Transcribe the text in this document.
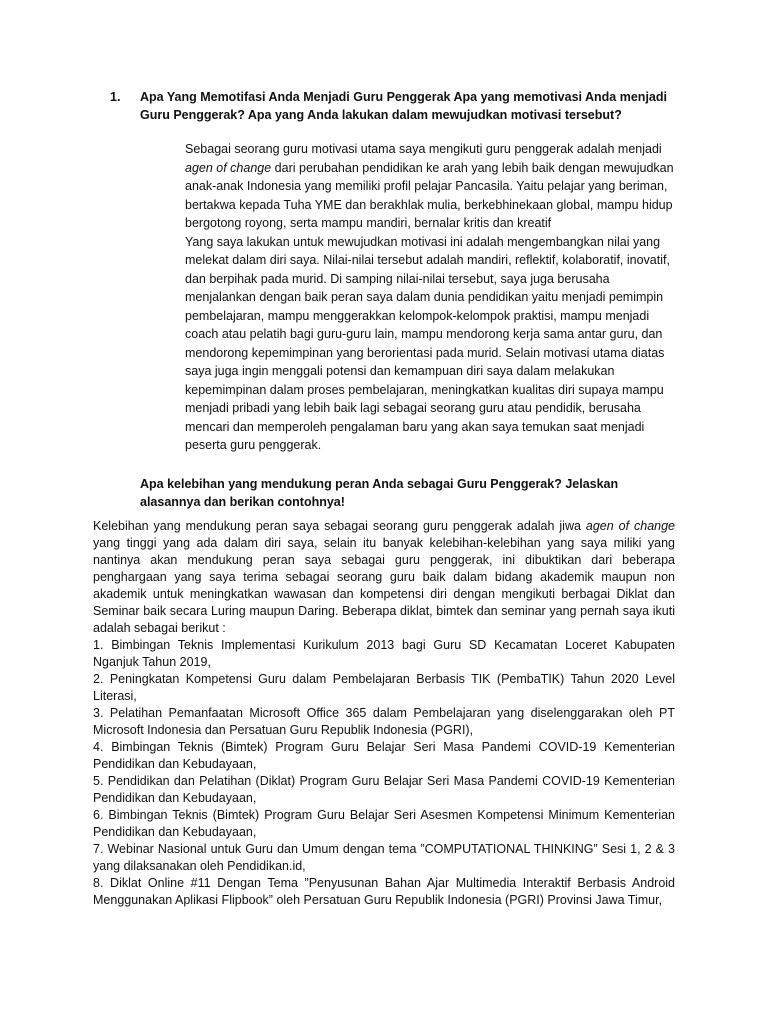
1.	Apa Yang Memotifasi Anda Menjadi Guru Penggerak Apa yang memotivasi Anda menjadi Guru Penggerak? Apa yang Anda lakukan dalam mewujudkan motivasi tersebut?

Sebagai seorang guru motivasi utama saya mengikuti guru penggerak adalah menjadi agen of change dari perubahan pendidikan ke arah yang lebih baik dengan mewujudkan anak-anak Indonesia yang memiliki profil pelajar Pancasila. Yaitu pelajar yang beriman, bertakwa kepada Tuha YME dan berakhlak mulia, berkebhinekaan global, mampu hidup bergotong royong, serta mampu mandiri, bernalar kritis dan kreatif

Yang saya lakukan untuk mewujudkan motivasi ini adalah mengembangkan nilai yang melekat dalam diri saya. Nilai-nilai tersebut adalah mandiri, reflektif, kolaboratif, inovatif, dan berpihak pada murid. Di samping nilai-nilai tersebut, saya juga berusaha menjalankan dengan baik peran saya dalam dunia pendidikan yaitu menjadi pemimpin pembelajaran, mampu menggerakkan kelompok-kelompok praktisi, mampu menjadi coach atau pelatih bagi guru-guru lain, mampu mendorong kerja sama antar guru, dan mendorong kepemimpinan yang berorientasi pada murid. Selain motivasi utama diatas saya juga ingin menggali potensi dan kemampuan diri saya dalam melakukan kepemimpinan dalam proses pembelajaran, meningkatkan kualitas diri supaya mampu menjadi pribadi yang lebih baik lagi sebagai seorang guru atau pendidik, berusaha mencari dan memperoleh pengalaman baru yang akan saya temukan saat menjadi peserta guru penggerak.

Apa kelebihan yang mendukung peran Anda sebagai Guru Penggerak? Jelaskan alasannya dan berikan contohnya!

Kelebihan yang mendukung peran saya sebagai seorang guru penggerak adalah jiwa agen of change yang tinggi yang ada dalam diri saya, selain itu banyak kelebihan-kelebihan yang saya miliki yang nantinya akan mendukung peran saya sebagai guru penggerak, ini dibuktikan dari beberapa penghargaan yang saya terima sebagai seorang guru baik dalam bidang akademik maupun non akademik untuk meningkatkan wawasan dan kompetensi diri dengan mengikuti berbagai Diklat dan Seminar baik secara Luring maupun Daring. Beberapa diklat, bimtek dan seminar yang pernah saya ikuti adalah sebagai berikut :

1. Bimbingan Teknis Implementasi Kurikulum 2013 bagi Guru SD Kecamatan Loceret Kabupaten Nganjuk Tahun 2019,
2. Peningkatan Kompetensi Guru dalam Pembelajaran Berbasis TIK (PembaTIK) Tahun 2020 Level Literasi,
3. Pelatihan Pemanfaatan Microsoft Office 365 dalam Pembelajaran yang diselenggarakan oleh PT Microsoft Indonesia dan Persatuan Guru Republik Indonesia (PGRI),
4. Bimbingan Teknis (Bimtek) Program Guru Belajar Seri Masa Pandemi COVID-19 Kementerian Pendidikan dan Kebudayaan,
5. Pendidikan dan Pelatihan (Diklat) Program Guru Belajar Seri Masa Pandemi COVID-19 Kementerian Pendidikan dan Kebudayaan,
6. Bimbingan Teknis (Bimtek) Program Guru Belajar Seri Asesmen Kompetensi Minimum Kementerian Pendidikan dan Kebudayaan,
7. Webinar Nasional untuk Guru dan Umum dengan tema ”COMPUTATIONAL THINKING” Sesi 1, 2 & 3 yang dilaksanakan oleh Pendidikan.id,
8. Diklat Online #11 Dengan Tema ”Penyusunan Bahan Ajar Multimedia Interaktif Berbasis Android Menggunakan Aplikasi Flipbook” oleh Persatuan Guru Republik Indonesia (PGRI) Provinsi Jawa Timur,
